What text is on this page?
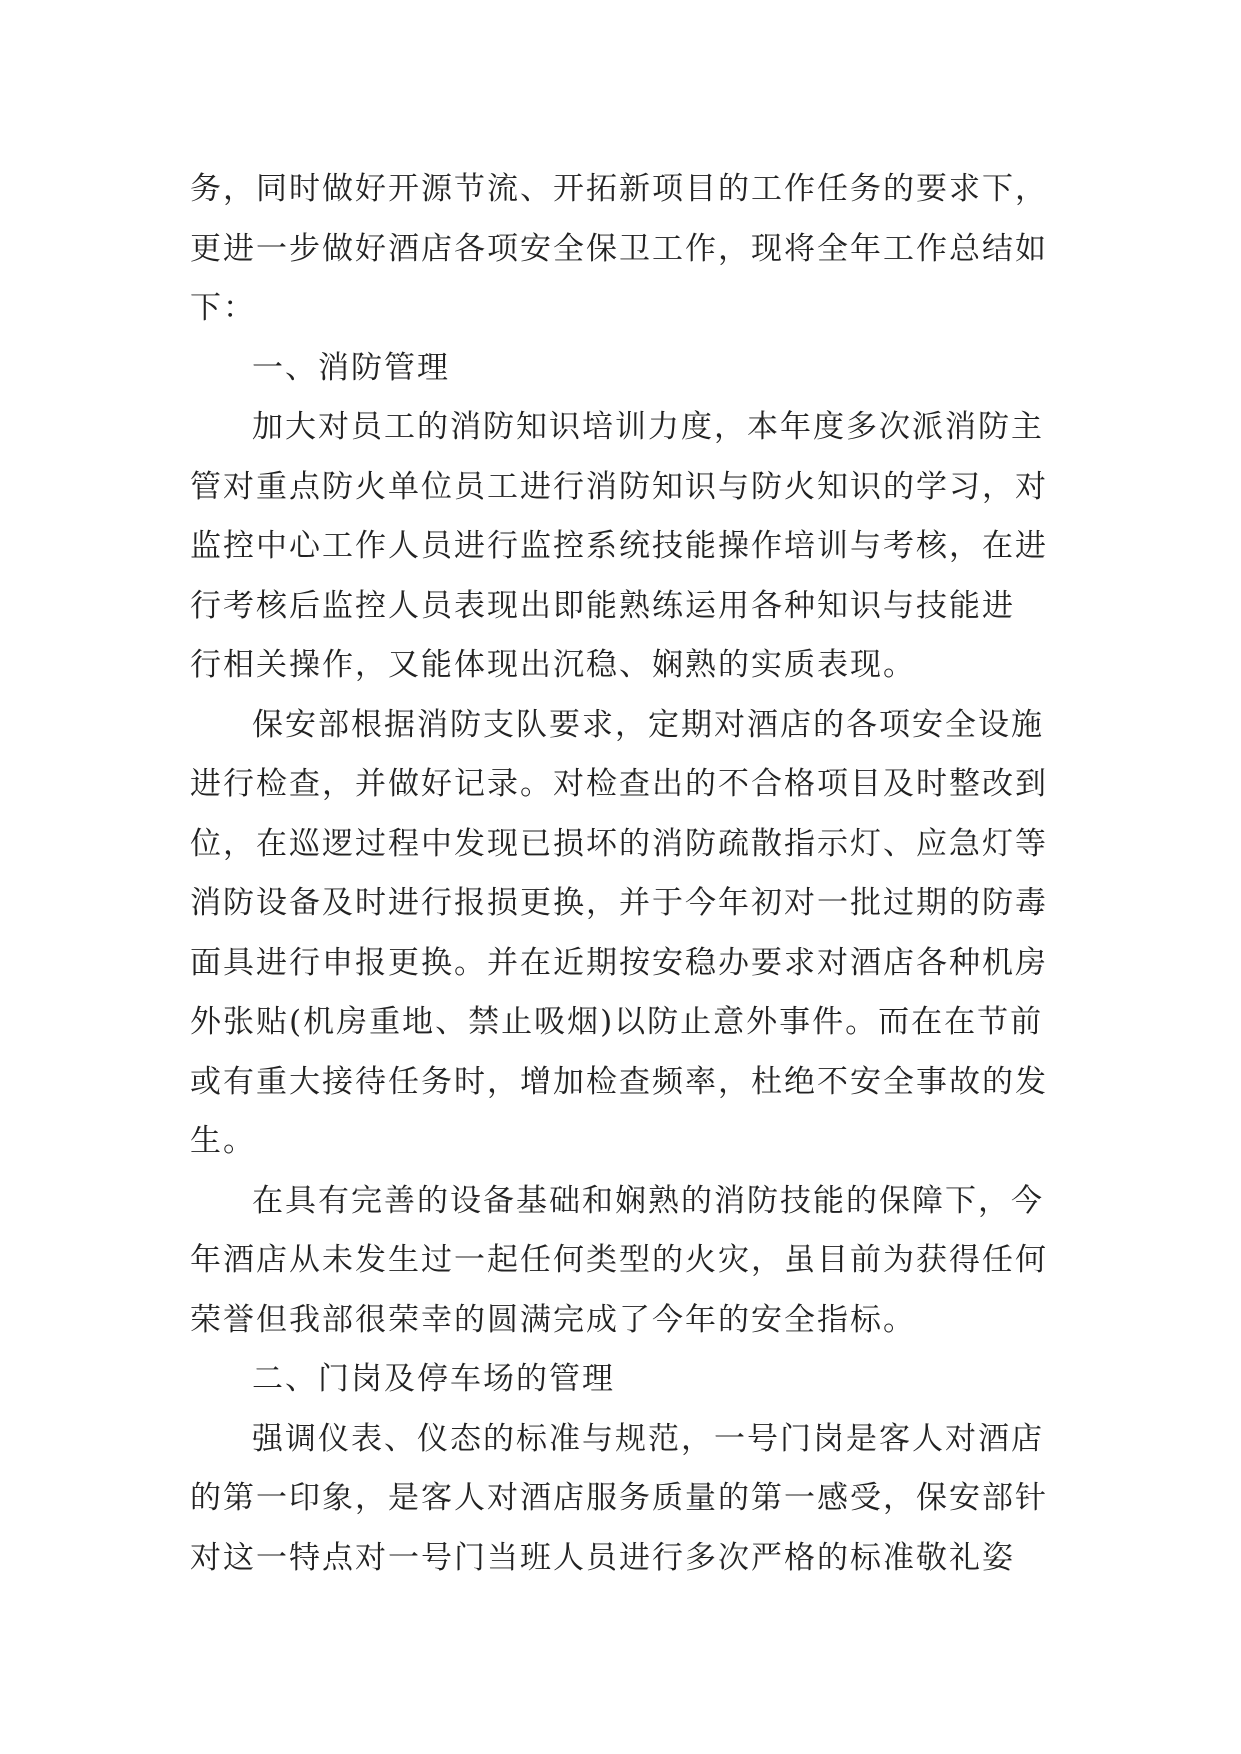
务，同时做好开源节流、开拓新项目的工作任务的要求下，
更进一步做好酒店各项安全保卫工作，现将全年工作总结如
下：
一、消防管理
加大对员工的消防知识培训力度，本年度多次派消防主
管对重点防火单位员工进行消防知识与防火知识的学习，对
监控中心工作人员进行监控系统技能操作培训与考核，在进
行考核后监控人员表现出即能熟练运用各种知识与技能进
行相关操作，又能体现出沉稳、娴熟的实质表现。
保安部根据消防支队要求，定期对酒店的各项安全设施
进行检查，并做好记录。对检查出的不合格项目及时整改到
位，在巡逻过程中发现已损坏的消防疏散指示灯、应急灯等
消防设备及时进行报损更换，并于今年初对一批过期的防毒
面具进行申报更换。并在近期按安稳办要求对酒店各种机房
外张贴(机房重地、禁止吸烟)以防止意外事件。而在在节前
或有重大接待任务时，增加检查频率，杜绝不安全事故的发
生。
在具有完善的设备基础和娴熟的消防技能的保障下，今
年酒店从未发生过一起任何类型的火灾，虽目前为获得任何
荣誉但我部很荣幸的圆满完成了今年的安全指标。
二、门岗及停车场的管理
强调仪表、仪态的标准与规范，一号门岗是客人对酒店
的第一印象，是客人对酒店服务质量的第一感受，保安部针
对这一特点对一号门当班人员进行多次严格的标准敬礼姿
